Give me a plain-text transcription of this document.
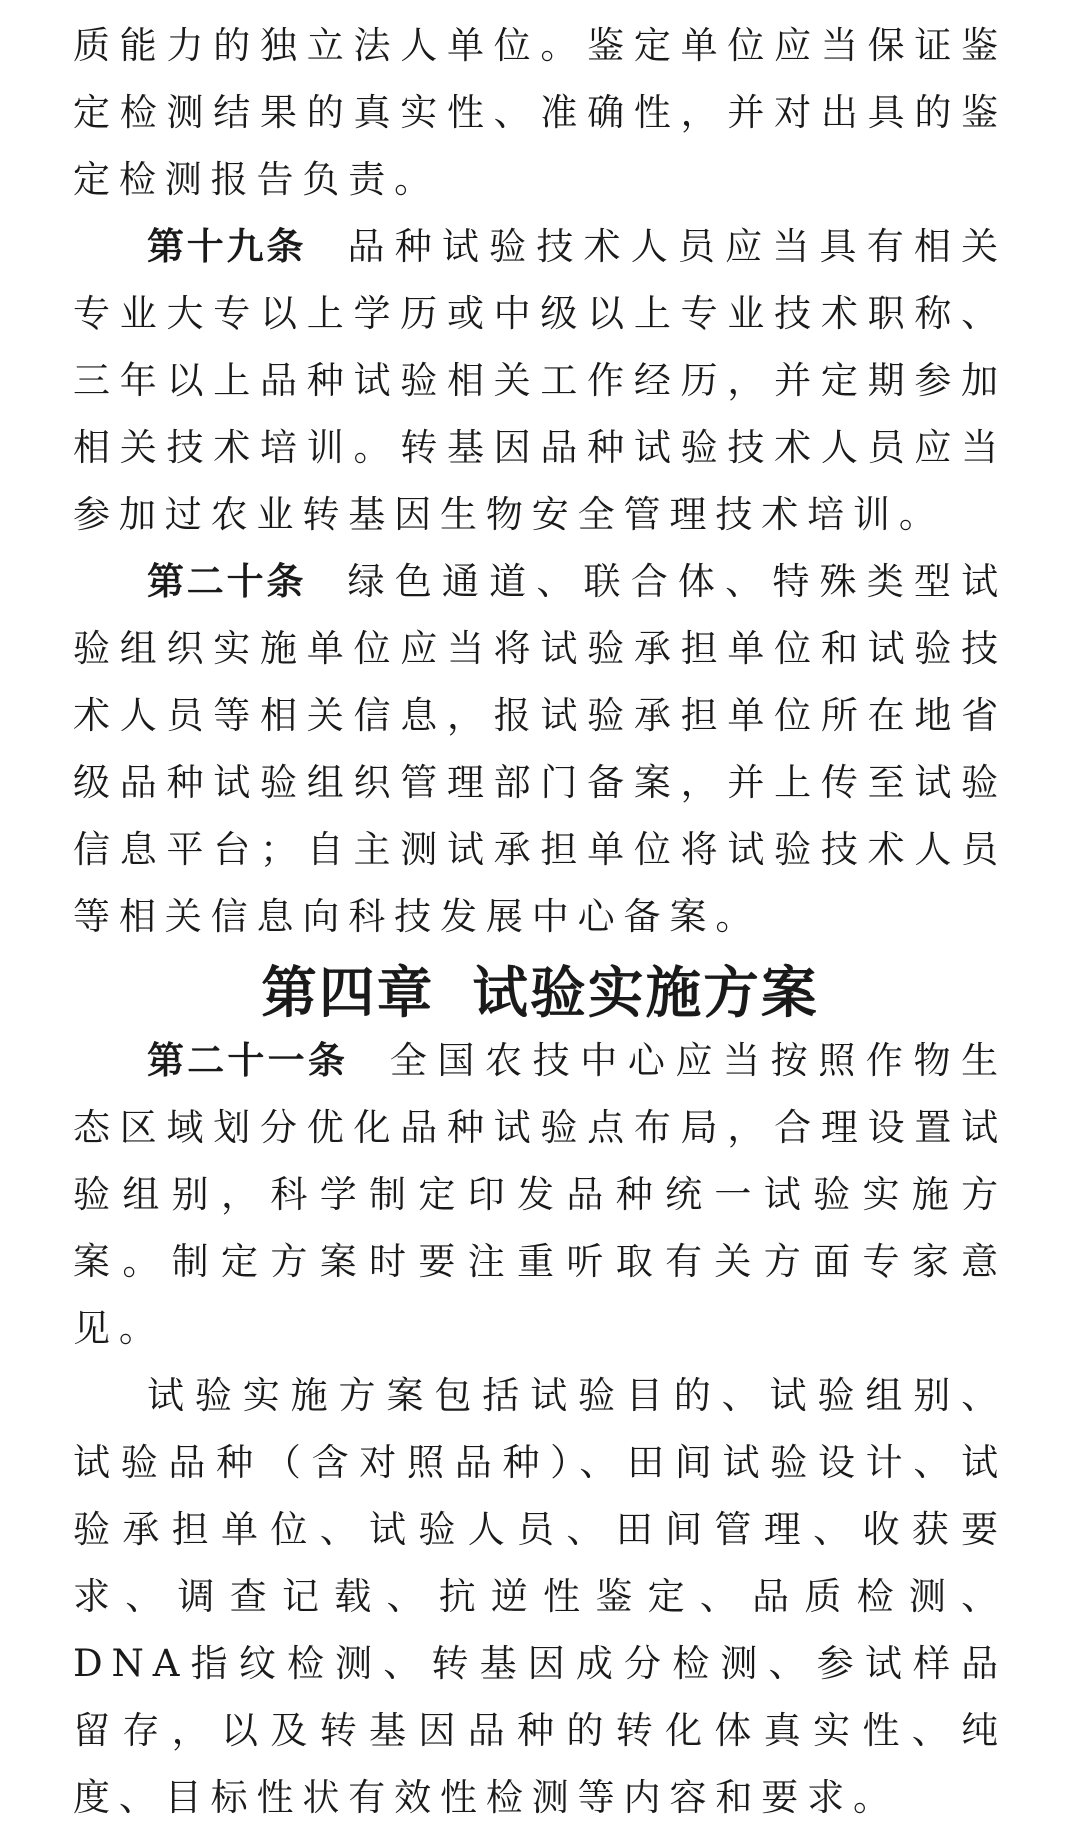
质能力的独立法人单位。鉴定单位应当保证鉴定检测结果的真实性、准确性，并对出具的鉴定检测报告负责。

第十九条 品种试验技术人员应当具有相关专业大专以上学历或中级以上专业技术职称、三年以上品种试验相关工作经历，并定期参加相关技术培训。转基因品种试验技术人员应当参加过农业转基因生物安全管理技术培训。

第二十条 绿色通道、联合体、特殊类型试验组织实施单位应当将试验承担单位和试验技术人员等相关信息，报试验承担单位所在地省级品种试验组织管理部门备案，并上传至试验信息平台；自主测试承担单位将试验技术人员等相关信息向科技发展中心备案。

第四章 试验实施方案

第二十一条 全国农技中心应当按照作物生态区域划分优化品种试验点布局，合理设置试验组别，科学制定印发品种统一试验实施方案。制定方案时要注重听取有关方面专家意见。

试验实施方案包括试验目的、试验组别、试验品种（含对照品种）、田间试验设计、试验承担单位、试验人员、田间管理、收获要求、调查记载、抗逆性鉴定、品质检测、DNA指纹检测、转基因成分检测、参试样品留存，以及转基因品种的转化体真实性、纯度、目标性状有效性检测等内容和要求。
